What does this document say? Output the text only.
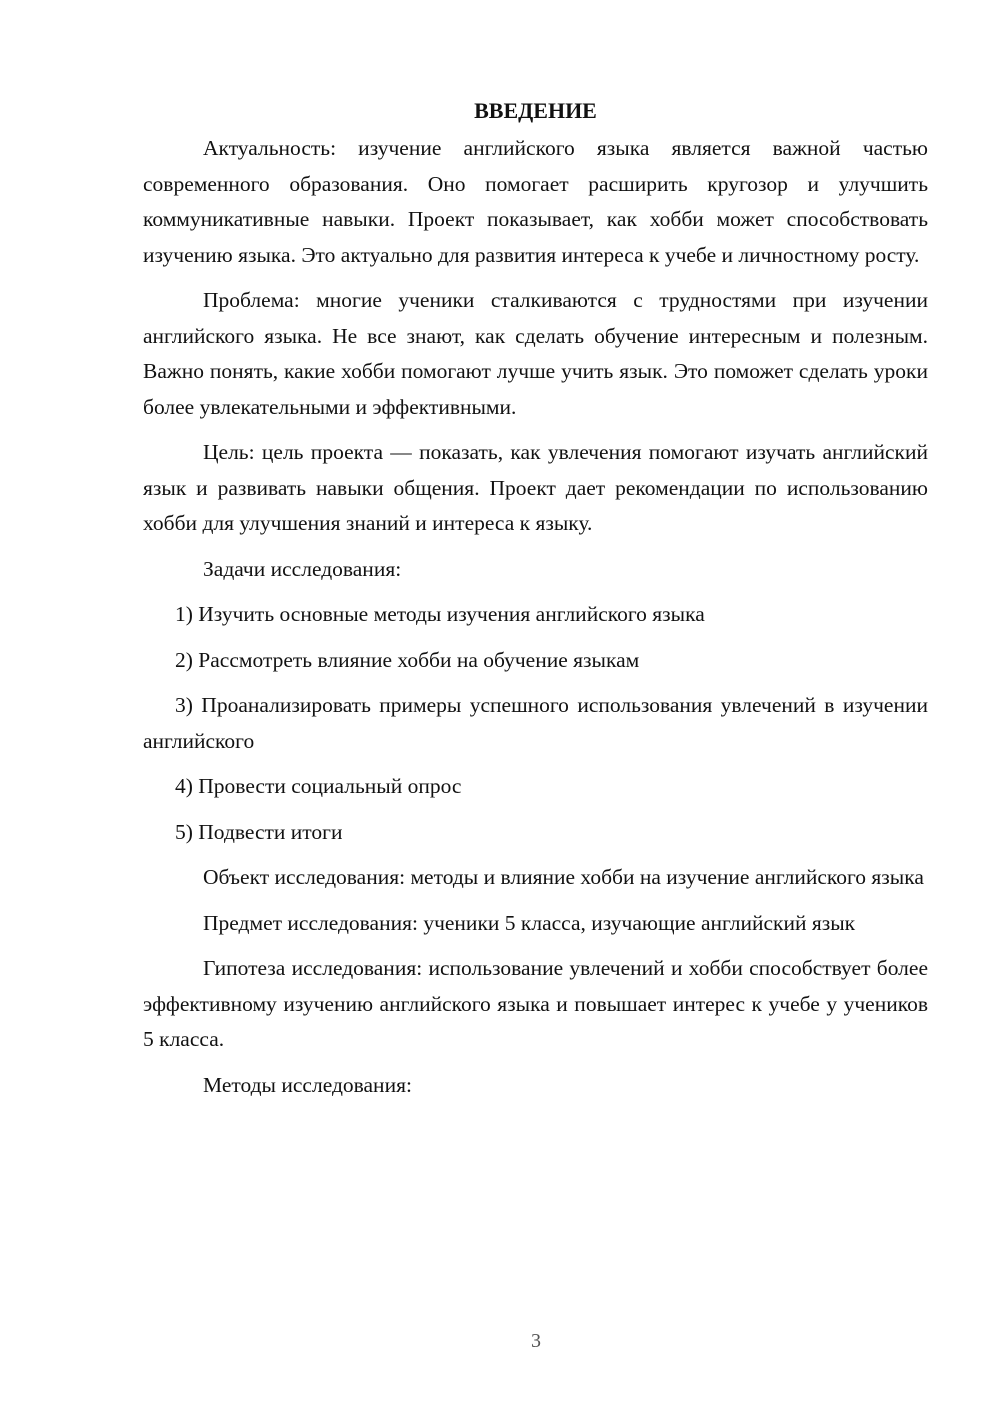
ВВЕДЕНИЕ

Актуальность: изучение английского языка является важной частью современного образования. Оно помогает расширить кругозор и улучшить коммуникативные навыки. Проект показывает, как хобби может способствовать изучению языка. Это актуально для развития интереса к учебе и личностному росту.

Проблема: многие ученики сталкиваются с трудностями при изучении английского языка. Не все знают, как сделать обучение интересным и полезным. Важно понять, какие хобби помогают лучше учить язык. Это поможет сделать уроки более увлекательными и эффективными.

Цель: цель проекта — показать, как увлечения помогают изучать английский язык и развивать навыки общения. Проект дает рекомендации по использованию хобби для улучшения знаний и интереса к языку.

Задачи исследования:

1) Изучить основные методы изучения английского языка

2) Рассмотреть влияние хобби на обучение языкам

3) Проанализировать примеры успешного использования увлечений в изучении английского

4) Провести социальный опрос

5) Подвести итоги

Объект исследования: методы и влияние хобби на изучение английского языка

Предмет исследования: ученики 5 класса, изучающие английский язык

Гипотеза исследования: использование увлечений и хобби способствует более эффективному изучению английского языка и повышает интерес к учебе у учеников 5 класса.

Методы исследования:

3
